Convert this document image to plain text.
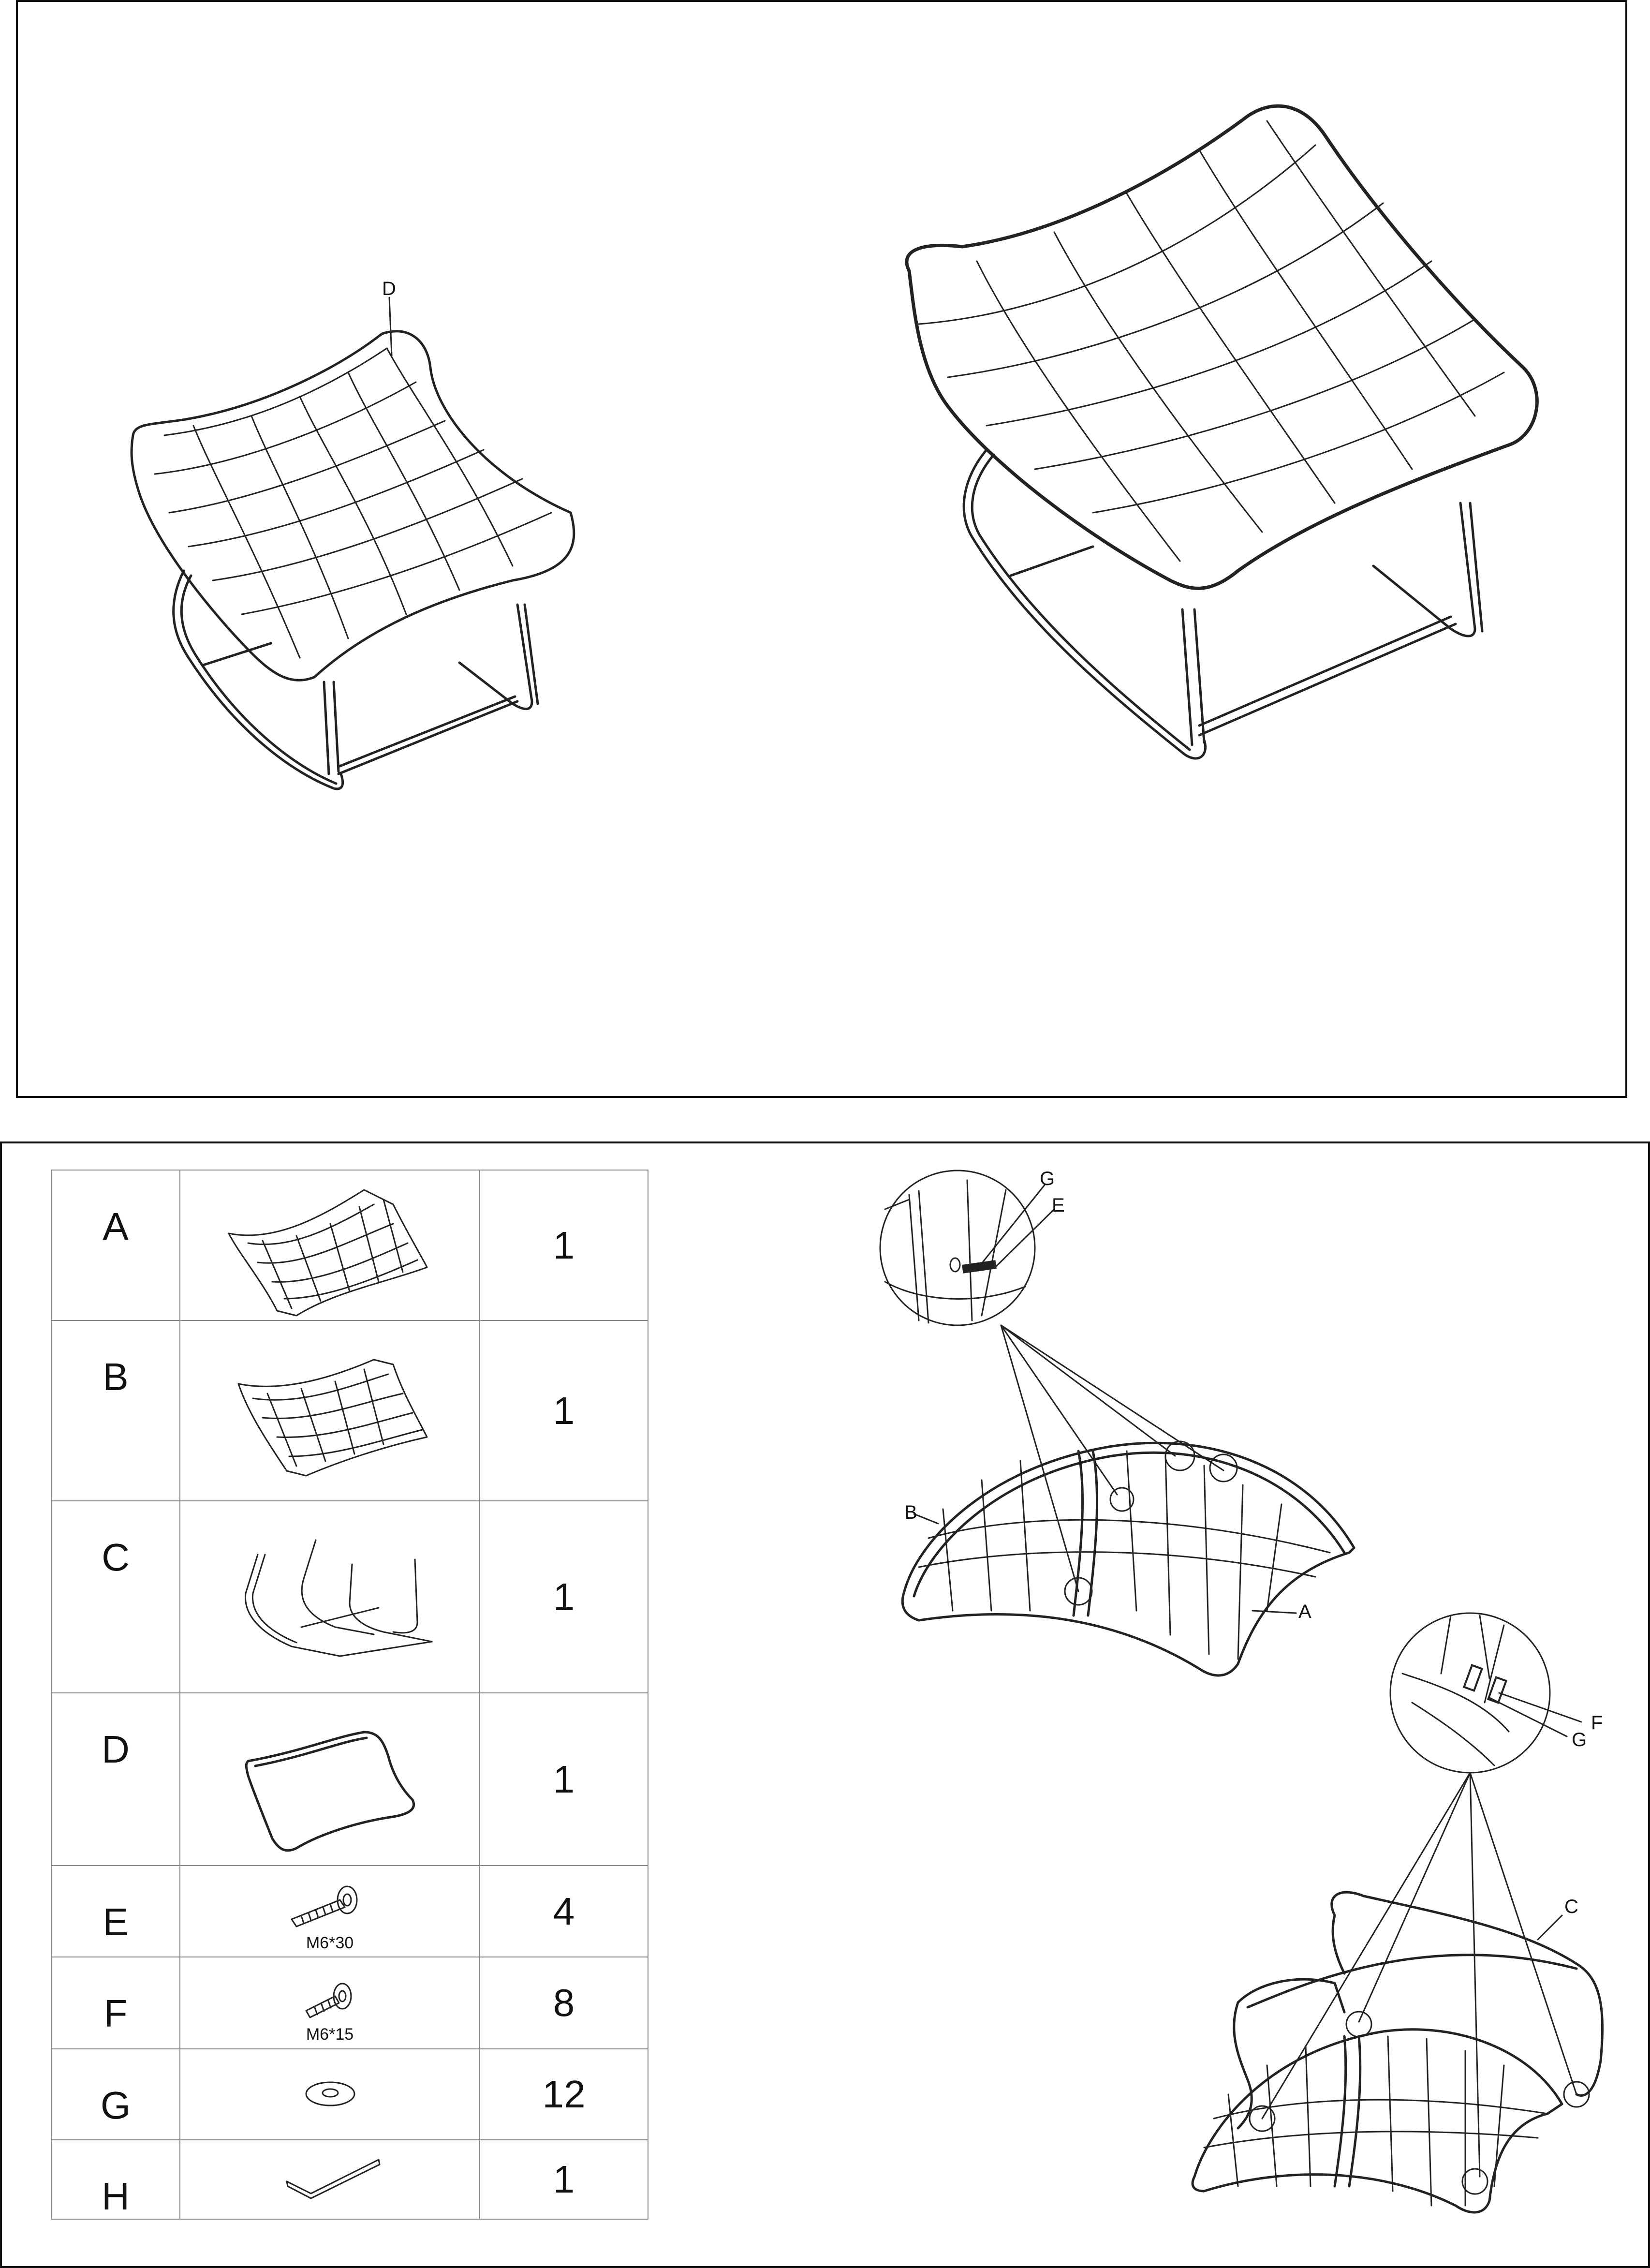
D
A		1
B		1
C		1
D		1
E	M6*30	4
F	M6*15	8
G		12
H		1
G
E
B
A
F
G
C
